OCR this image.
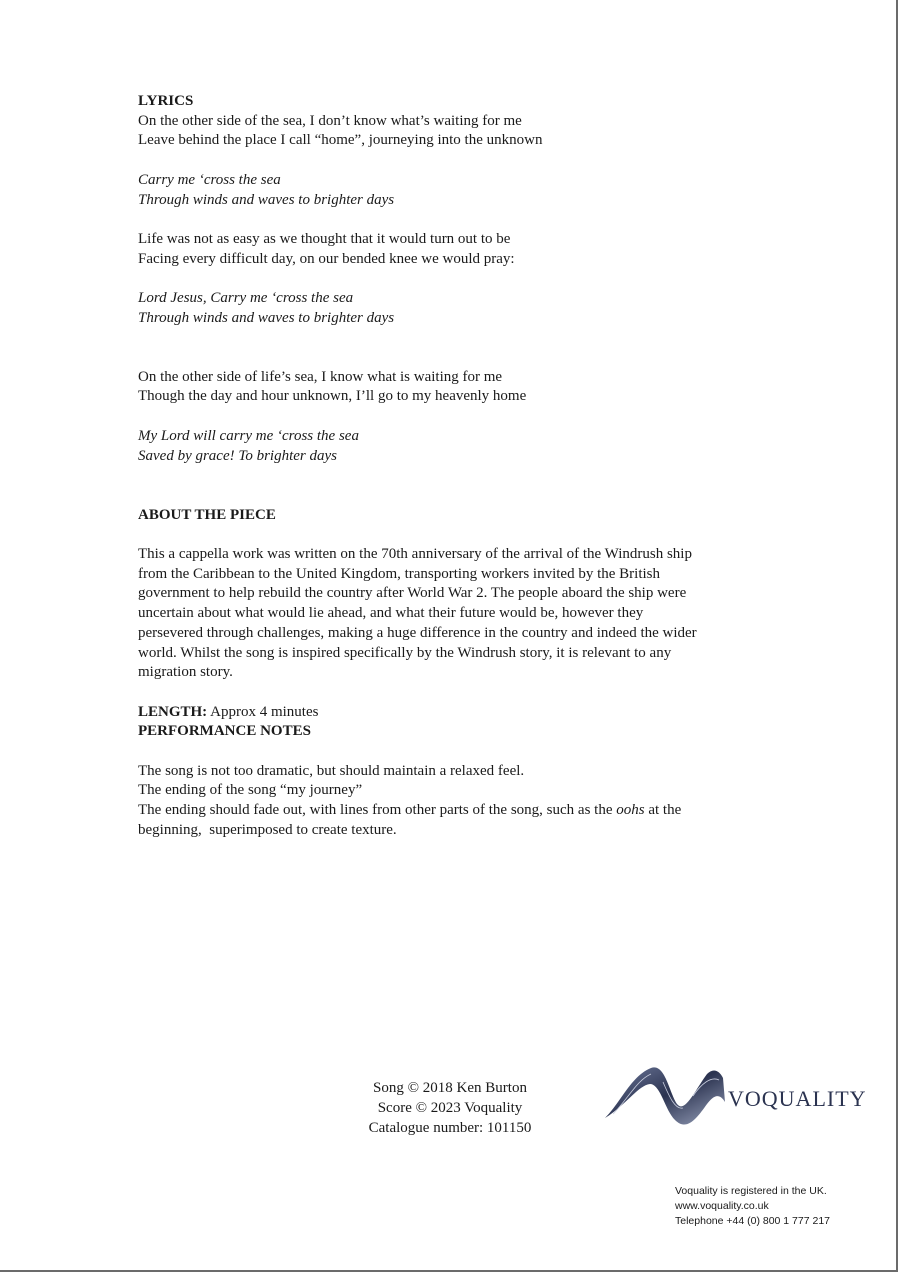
LYRICS

On the other side of the sea, I don’t know what’s waiting for me
Leave behind the place I call “home”, journeying into the unknown
Carry me ‘cross the sea
Through winds and waves to brighter days
Life was not as easy as we thought that it would turn out to be
Facing every difficult day, on our bended knee we would pray:
Lord Jesus, Carry me ‘cross the sea
Through winds and waves to brighter days
On the other side of life’s sea, I know what is waiting for me
Though the day and hour unknown, I’ll go to my heavenly home
My Lord will carry me ‘cross the sea
Saved by grace! To brighter days

ABOUT THE PIECE

This a cappella work was written on the 70th anniversary of the arrival of the Windrush ship
from the Caribbean to the United Kingdom, transporting workers invited by the British
government to help rebuild the country after World War 2. The people aboard the ship were
uncertain about what would lie ahead, and what their future would be, however they
persevered through challenges, making a huge difference in the country and indeed the wider
world. Whilst the song is inspired specifically by the Windrush story, it is relevant to any
migration story.

LENGTH: Approx 4 minutes

PERFORMANCE NOTES

The song is not too dramatic, but should maintain a relaxed feel.
The ending of the song “my journey”
The ending should fade out, with lines from other parts of the song, such as the oohs at the
beginning,  superimposed to create texture.
Song © 2018 Ken Burton
Score © 2023 Voquality
Catalogue number: 101150
VOQUALITY
Voquality is registered in the UK.
www.voquality.co.uk
Telephone +44 (0) 800 1 777 217
